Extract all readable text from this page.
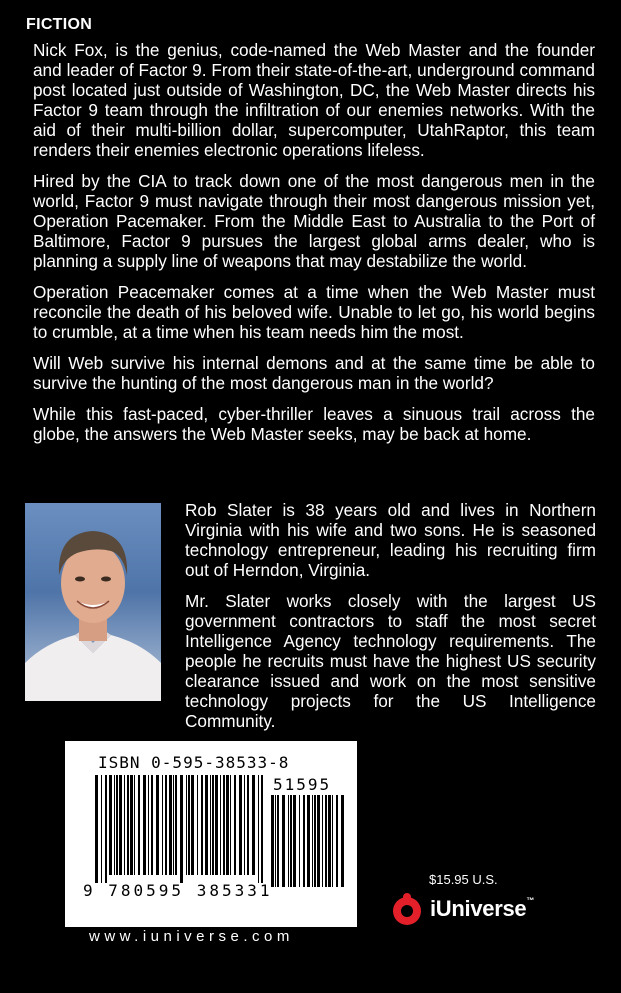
FICTION

Nick Fox, is the genius, code-named the Web Master and the founder and leader of Factor 9. From their state-of-the-art, underground command post located just outside of Washington, DC, the Web Master directs his Factor 9 team through the infiltration of our enemies networks. With the aid of their multi-billion dollar, supercomputer, UtahRaptor, this team renders their enemies electronic operations lifeless.

Hired by the CIA to track down one of the most dangerous men in the world, Factor 9 must navigate through their most dangerous mission yet, Operation Pacemaker. From the Middle East to Australia to the Port of Baltimore, Factor 9 pursues the largest global arms dealer, who is planning a supply line of weapons that may destabilize the world.

Operation Peacemaker comes at a time when the Web Master must reconcile the death of his beloved wife. Unable to let go, his world begins to crumble, at a time when his team needs him the most.

Will Web survive his internal demons and at the same time be able to survive the hunting of the most dangerous man in the world?

While this fast-paced, cyber-thriller leaves a sinuous trail across the globe, the answers the Web Master seeks, may be back at home.

Rob Slater is 38 years old and lives in Northern Virginia with his wife and two sons. He is seasoned technology entrepreneur, leading his recruiting firm out of Herndon, Virginia.

Mr. Slater works closely with the largest US government contractors to staff the most secret Intelligence Agency technology requirements. The people he recruits must have the highest US security clearance issued and work on the most sensitive technology projects for the US Intelligence Community.

ISBN 0-595-38533-8
51595
9 780595 385331
www.iuniverse.com
$15.95 U.S.
iUniverse™
